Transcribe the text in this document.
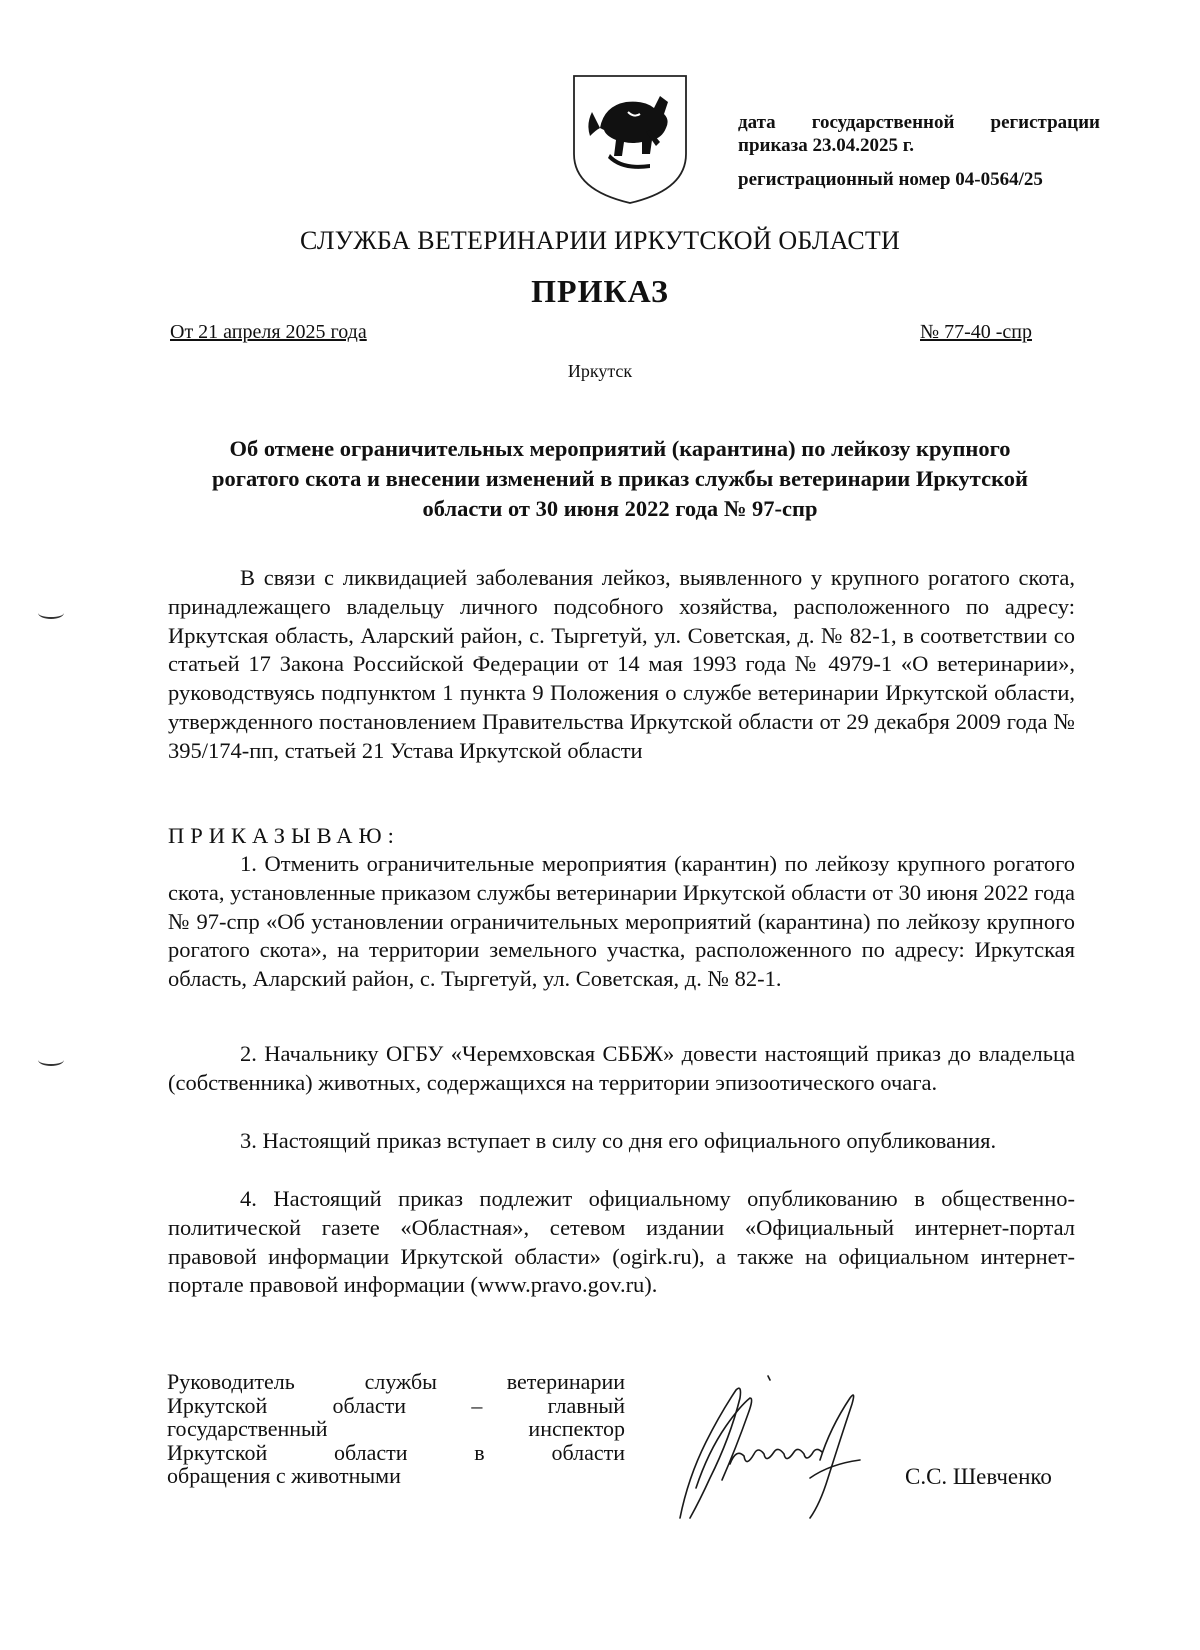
дата государственной регистрации
приказа 23.04.2025 г.
регистрационный номер 04-0564/25
СЛУЖБА ВЕТЕРИНАРИИ ИРКУТСКОЙ ОБЛАСТИ
ПРИКАЗ
От 21 апреля 2025 года	№ 77-40 -спр
Иркутск
Об отмене ограничительных мероприятий (карантина) по лейкозу крупного рогатого скота и внесении изменений в приказ службы ветеринарии Иркутской области от 30 июня 2022 года № 97-спр

В связи с ликвидацией заболевания лейкоз, выявленного у крупного рогатого скота, принадлежащего владельцу личного подсобного хозяйства, расположенного по адресу: Иркутская область, Аларский район, с. Тыргетуй, ул. Советская, д. № 82-1, в соответствии со статьей 17 Закона Российской Федерации от 14 мая 1993 года № 4979-1 «О ветеринарии», руководствуясь подпунктом 1 пункта 9 Положения о службе ветеринарии Иркутской области, утвержденного постановлением Правительства Иркутской области от 29 декабря 2009 года № 395/174-пп, статьей 21 Устава Иркутской области

ПРИКАЗЫВАЮ:

1. Отменить ограничительные мероприятия (карантин) по лейкозу крупного рогатого скота, установленные приказом службы ветеринарии Иркутской области от 30 июня 2022 года № 97-спр «Об установлении ограничительных мероприятий (карантина) по лейкозу крупного рогатого скота», на территории земельного участка, расположенного по адресу: Иркутская область, Аларский район, с. Тыргетуй, ул. Советская, д. № 82-1.

2. Начальнику ОГБУ «Черемховская СББЖ» довести настоящий приказ до владельца (собственника) животных, содержащихся на территории эпизоотического очага.

3. Настоящий приказ вступает в силу со дня его официального опубликования.

4. Настоящий приказ подлежит официальному опубликованию в общественно-политической газете «Областная», сетевом издании «Официальный интернет-портал правовой информации Иркутской области» (ogirk.ru), а также на официальном интернет-портале правовой информации (www.pravo.gov.ru).

Руководитель службы ветеринарии
Иркутской области – главный
государственный инспектор
Иркутской области в области
обращения с животными	С.С. Шевченко
